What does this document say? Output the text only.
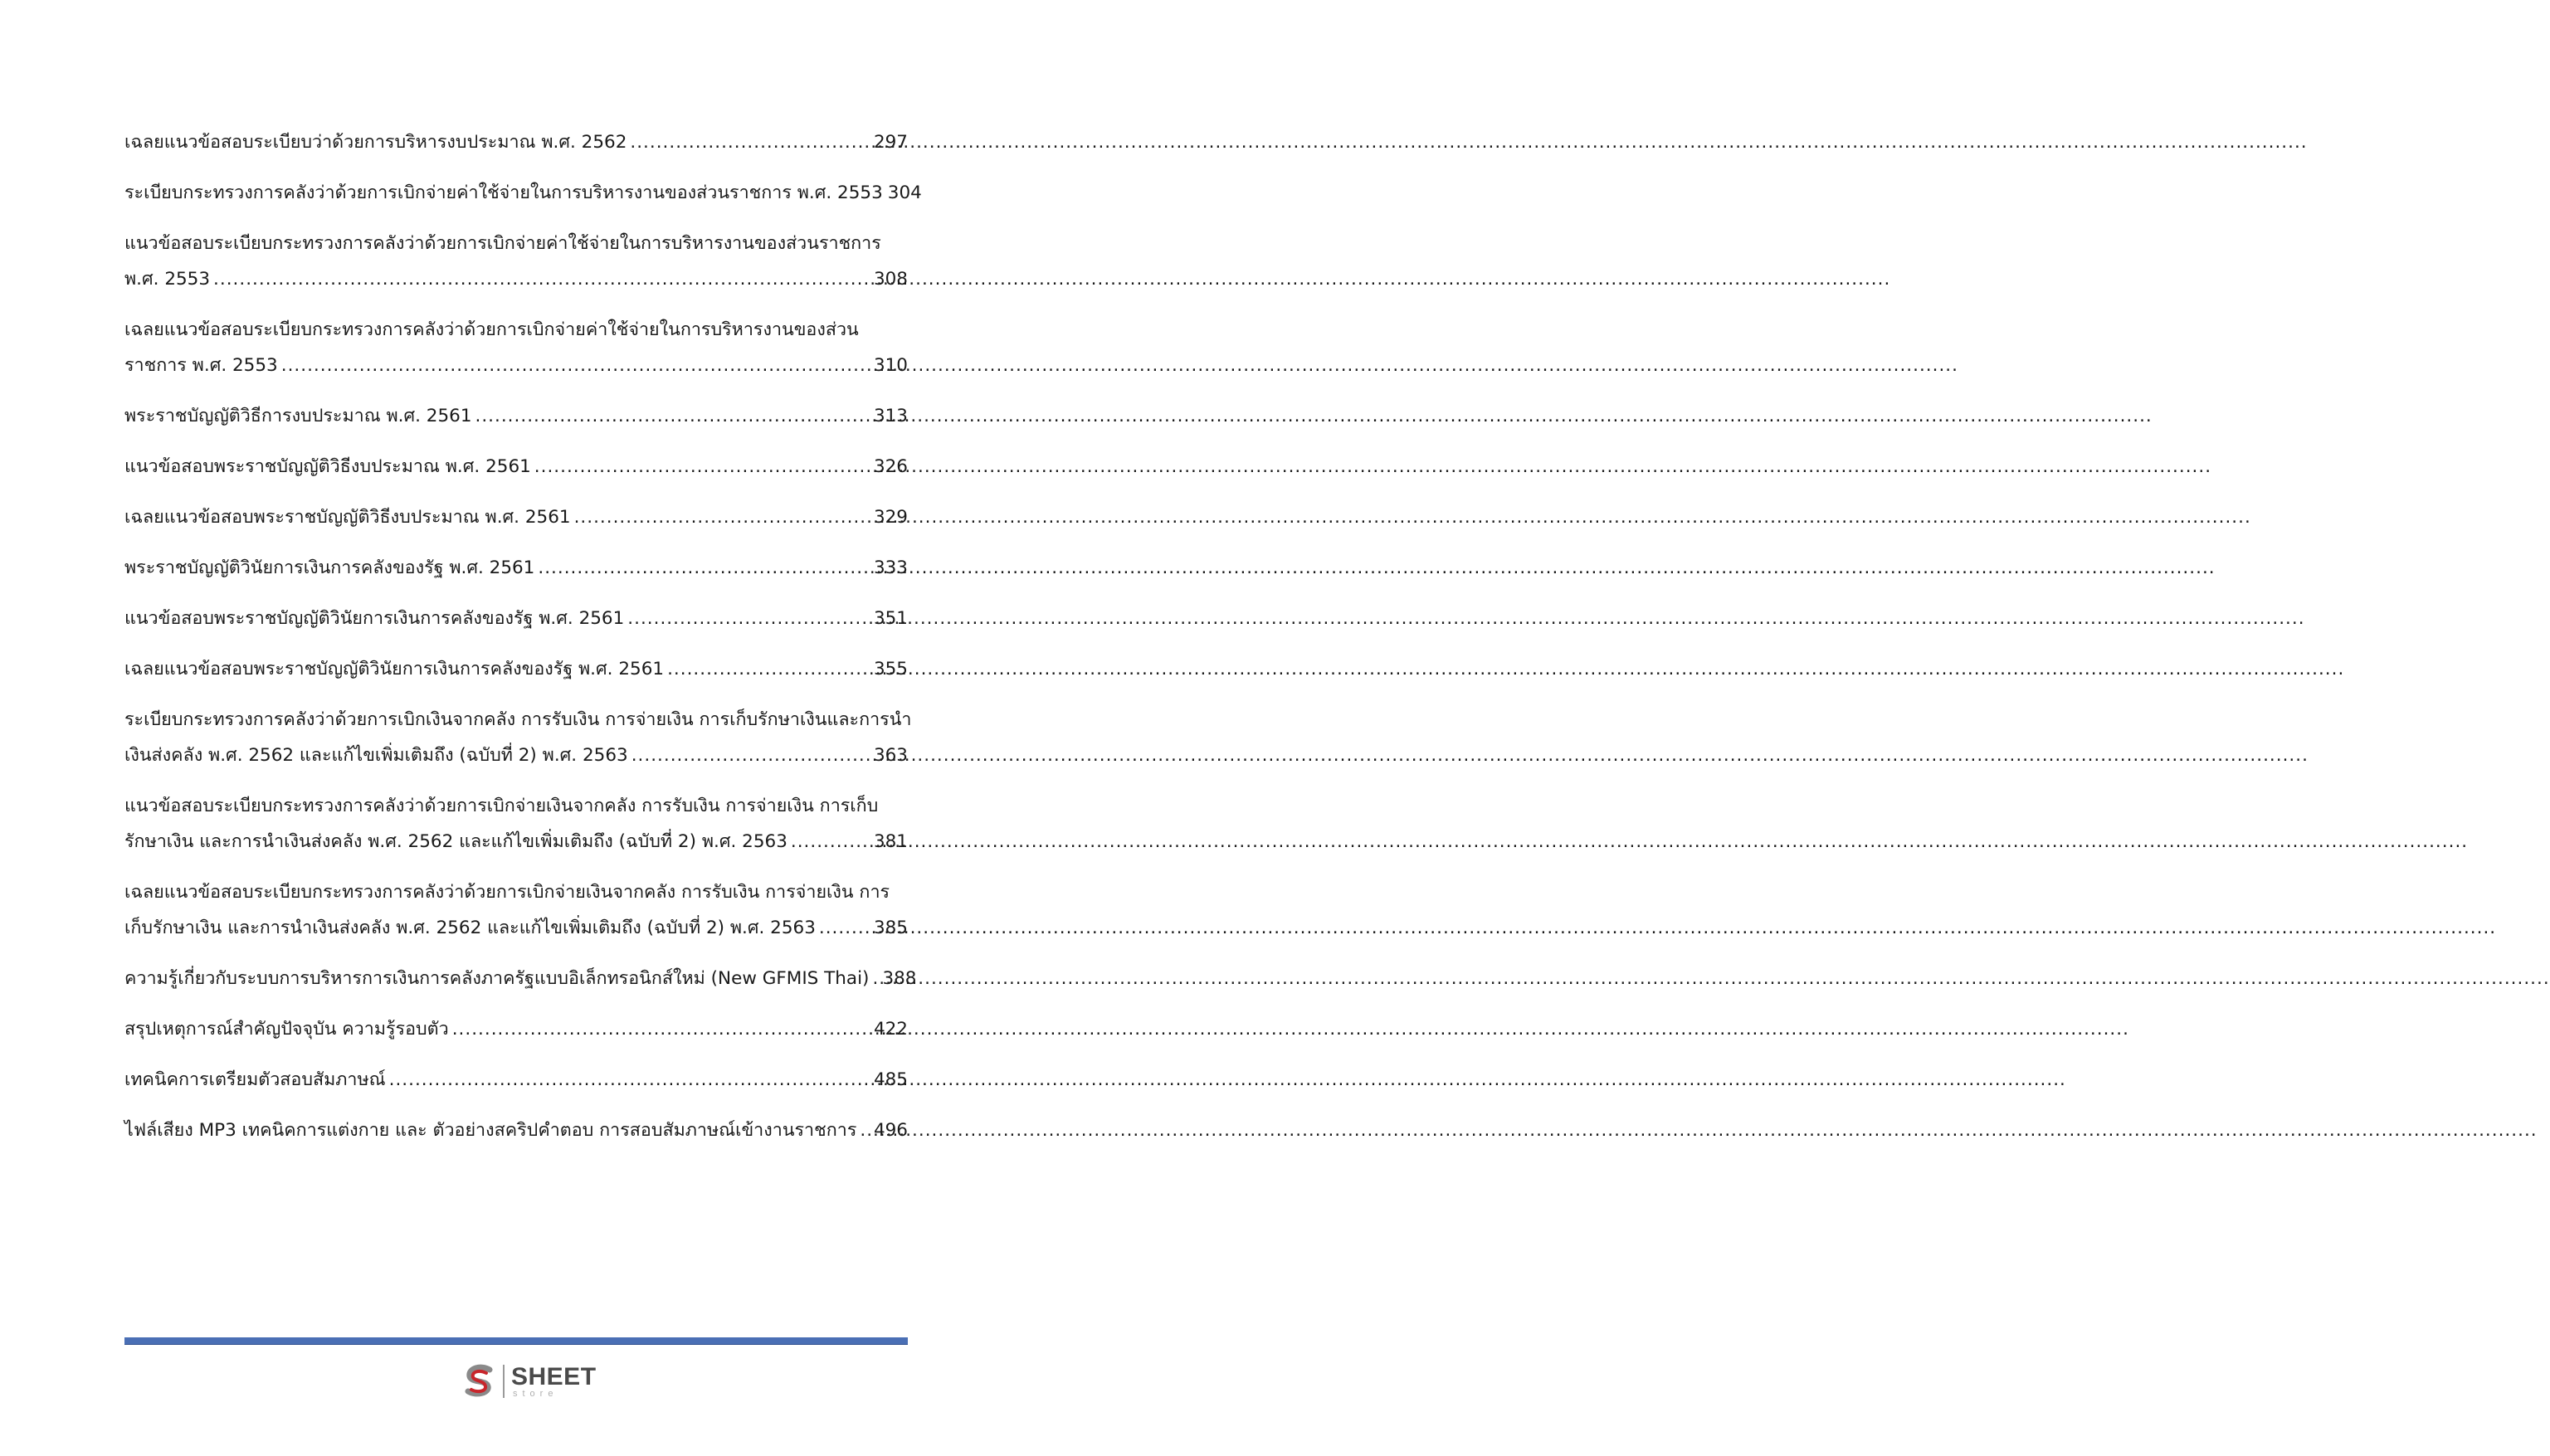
เฉลยแนวข้อสอบระเบียบว่าด้วยการบริหารงบประมาณ พ.ศ. 2562 .....	297
ระเบียบกระทรวงการคลังว่าด้วยการเบิกจ่ายค่าใช้จ่ายในการบริหารงานของส่วนราชการ พ.ศ. 2553 304
แนวข้อสอบระเบียบกระทรวงการคลังว่าด้วยการเบิกจ่ายค่าใช้จ่ายในการบริหารงานของส่วนราชการ
พ.ศ. 2553 .....	308
เฉลยแนวข้อสอบระเบียบกระทรวงการคลังว่าด้วยการเบิกจ่ายค่าใช้จ่ายในการบริหารงานของส่วน
ราชการ พ.ศ. 2553 .....	310
พระราชบัญญัติวิธีการงบประมาณ พ.ศ. 2561 .....	313
แนวข้อสอบพระราชบัญญัติวิธีงบประมาณ พ.ศ. 2561 .....	326
เฉลยแนวข้อสอบพระราชบัญญัติวิธีงบประมาณ พ.ศ. 2561 .....	329
พระราชบัญญัติวินัยการเงินการคลังของรัฐ พ.ศ. 2561 .....	333
แนวข้อสอบพระราชบัญญัติวินัยการเงินการคลังของรัฐ พ.ศ. 2561 .....	351
เฉลยแนวข้อสอบพระราชบัญญัติวินัยการเงินการคลังของรัฐ พ.ศ. 2561 .....	355
ระเบียบกระทรวงการคลังว่าด้วยการเบิกเงินจากคลัง การรับเงิน การจ่ายเงิน การเก็บรักษาเงินและการนำ
เงินส่งคลัง พ.ศ. 2562 และแก้ไขเพิ่มเติมถึง (ฉบับที่ 2) พ.ศ. 2563 .....	363
แนวข้อสอบระเบียบกระทรวงการคลังว่าด้วยการเบิกจ่ายเงินจากคลัง การรับเงิน การจ่ายเงิน การเก็บ
รักษาเงิน และการนำเงินส่งคลัง พ.ศ. 2562 และแก้ไขเพิ่มเติมถึง (ฉบับที่ 2) พ.ศ. 2563 .....	381
เฉลยแนวข้อสอบระเบียบกระทรวงการคลังว่าด้วยการเบิกจ่ายเงินจากคลัง การรับเงิน การจ่ายเงิน การ
เก็บรักษาเงิน และการนำเงินส่งคลัง พ.ศ. 2562 และแก้ไขเพิ่มเติมถึง (ฉบับที่ 2) พ.ศ. 2563 .....	385
ความรู้เกี่ยวกับระบบการบริหารการเงินการคลังภาครัฐแบบอิเล็กทรอนิกส์ใหม่ (New GFMIS Thai) ..... 388
สรุปเหตุการณ์สำคัญปัจจุบัน ความรู้รอบตัว .....	422
เทคนิคการเตรียมตัวสอบสัมภาษณ์ .....	485
ไฟล์เสียง MP3 เทคนิคการแต่งกาย และ ตัวอย่างสคริปคำตอบ การสอบสัมภาษณ์เข้างานราชการ ..... 496
SHEET
store
